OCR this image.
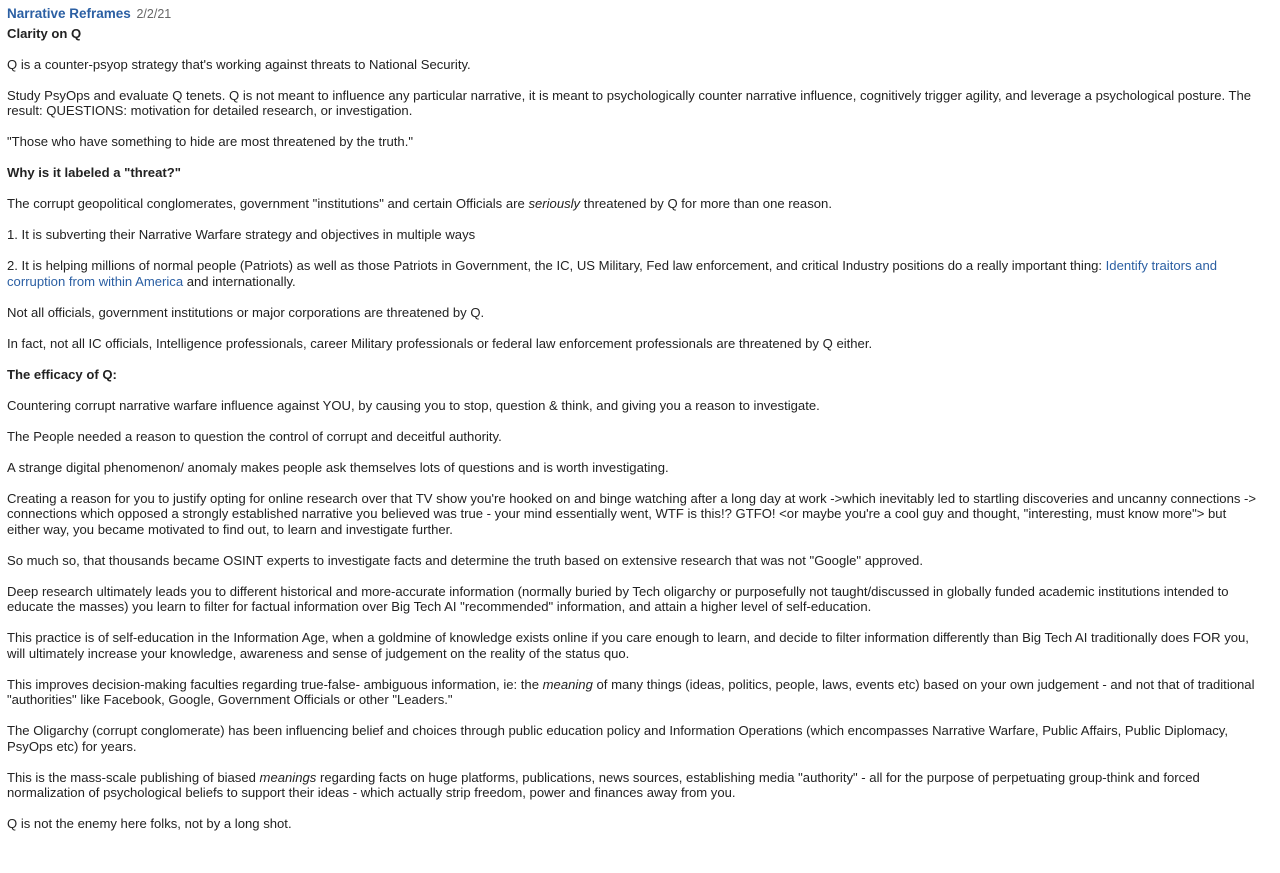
Narrative Reframes 2/2/21
Clarity on Q

Q is a counter-psyop strategy that's working against threats to National Security.

Study PsyOps and evaluate Q tenets. Q is not meant to influence any particular narrative, it is meant to psychologically counter narrative influence, cognitively trigger agility, and leverage a psychological posture. The result: QUESTIONS: motivation for detailed research, or investigation.

"Those who have something to hide are most threatened by the truth."

Why is it labeled a "threat?"

The corrupt geopolitical conglomerates, government "institutions" and certain Officials are seriously threatened by Q for more than one reason.

1. It is subverting their Narrative Warfare strategy and objectives in multiple ways

2. It is helping millions of normal people (Patriots) as well as those Patriots in Government, the IC, US Military, Fed law enforcement, and critical Industry positions do a really important thing: Identify traitors and corruption from within America and internationally.

Not all officials, government institutions or major corporations are threatened by Q.

In fact, not all IC officials, Intelligence professionals, career Military professionals or federal law enforcement professionals are threatened by Q either.

The efficacy of Q:

Countering corrupt narrative warfare influence against YOU, by causing you to stop, question & think, and giving you a reason to investigate.

The People needed a reason to question the control of corrupt and deceitful authority.

A strange digital phenomenon/ anomaly makes people ask themselves lots of questions and is worth investigating.

Creating a reason for you to justify opting for online research over that TV show you're hooked on and binge watching after a long day at work ->which inevitably led to startling discoveries and uncanny connections -> connections which opposed a strongly established narrative you believed was true - your mind essentially went, WTF is this!? GTFO! <or maybe you're a cool guy and thought, "interesting, must know more"> but either way, you became motivated to find out, to learn and investigate further.

So much so, that thousands became OSINT experts to investigate facts and determine the truth based on extensive research that was not "Google" approved.

Deep research ultimately leads you to different historical and more-accurate information (normally buried by Tech oligarchy or purposefully not taught/discussed in globally funded academic institutions intended to educate the masses) you learn to filter for factual information over Big Tech AI "recommended" information, and attain a higher level of self-education.

This practice is of self-education in the Information Age, when a goldmine of knowledge exists online if you care enough to learn, and decide to filter information differently than Big Tech AI traditionally does FOR you, will ultimately increase your knowledge, awareness and sense of judgement on the reality of the status quo.

This improves decision-making faculties regarding true-false- ambiguous information, ie: the meaning of many things (ideas, politics, people, laws, events etc) based on your own judgement - and not that of traditional "authorities" like Facebook, Google, Government Officials or other "Leaders."

The Oligarchy (corrupt conglomerate) has been influencing belief and choices through public education policy and Information Operations (which encompasses Narrative Warfare, Public Affairs, Public Diplomacy, PsyOps etc) for years.

This is the mass-scale publishing of biased meanings regarding facts on huge platforms, publications, news sources, establishing media "authority" - all for the purpose of perpetuating group-think and forced normalization of psychological beliefs to support their ideas - which actually strip freedom, power and finances away from you.

Q is not the enemy here folks, not by a long shot.
